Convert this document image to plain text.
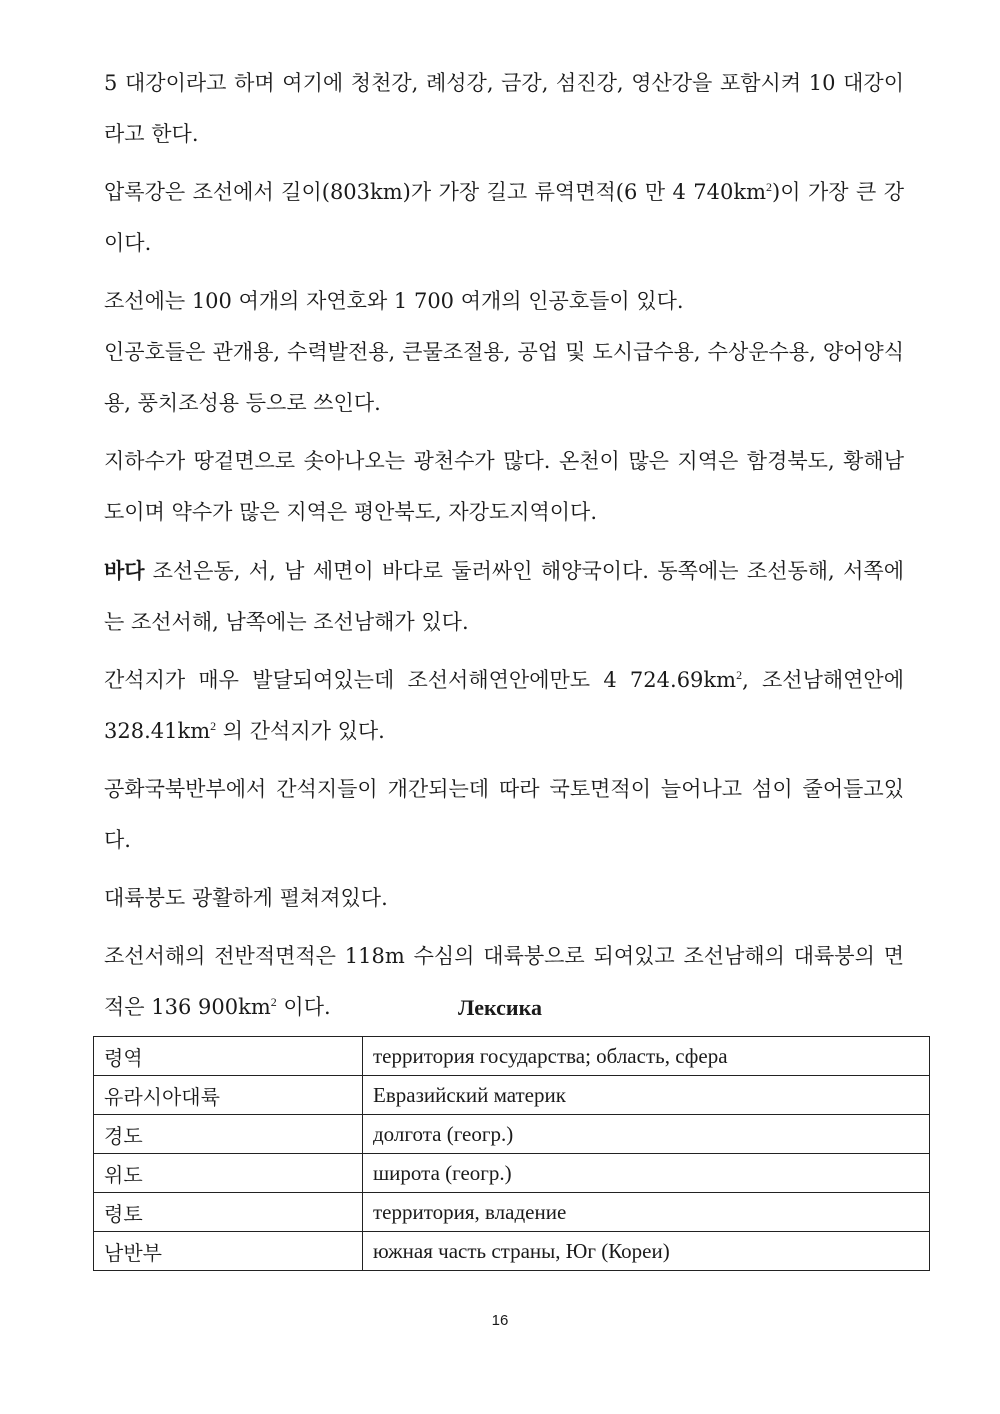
5 대강이라고 하며 여기에 청천강, 례성강, 금강, 섬진강, 영산강을 포함시켜 10 대강이라고 한다.

압록강은 조선에서 길이(803km)가 가장 길고 류역면적(6 만 4 $740km^2$)이 가장 큰 강이다.

조선에는 100 여개의 자연호와 1 700 여개의 인공호들이 있다.

인공호들은 관개용, 수력발전용, 큰물조절용, 공업 및 도시급수용, 수상운수용, 양어양식용, 풍치조성용 등으로 쓰인다.

지하수가 땅겉면으로 솟아나오는 광천수가 많다. 온천이 많은 지역은 함경북도, 황해남도이며 약수가 많은 지역은 평안북도, 자강도지역이다.

바다 조선은동, 서, 남 세면이 바다로 둘러싸인 해양국이다. 동쪽에는 조선동해, 서쪽에는 조선서해, 남쪽에는 조선남해가 있다.

간석지가 매우 발달되여있는데 조선서해연안에만도 4 $724.69km^2$, 조선남해연안에 $328.41km^2$ 의 간석지가 있다.

공화국북반부에서 간석지들이 개간되는데 따라 국토면적이 늘어나고 섬이 줄어들고있다.

대륙붕도 광활하게 펼쳐져있다.

조선서해의 전반적면적은 118m 수심의 대륙붕으로 되여있고 조선남해의 대륙붕의 면적은 136 $900km^2$ 이다.	Лексика
령역	территория государства; область, сфера
유라시아대륙	Евразийский материк
경도	долгота (геогр.)
위도	широта (геогр.)
령토	территория, владение
남반부	южная часть страны, Юг (Кореи)
16
